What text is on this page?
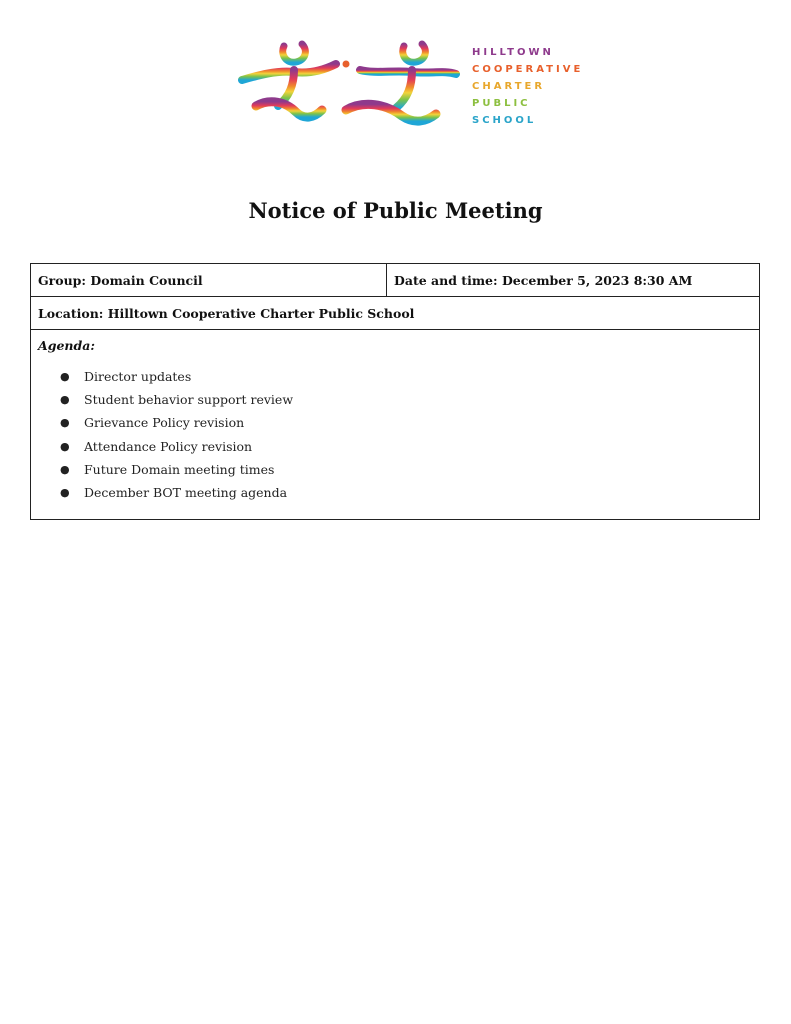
HILLTOWN
COOPERATIVE
CHARTER
PUBLIC
SCHOOL
Notice of Public Meeting
Group: Domain Council	Date and time: December 5, 2023 8:30 AM
Location: Hilltown Cooperative Charter Public School

Agenda:

● Director updates
● Student behavior support review
● Grievance Policy revision
● Attendance Policy revision
● Future Domain meeting times
● December BOT meeting agenda
